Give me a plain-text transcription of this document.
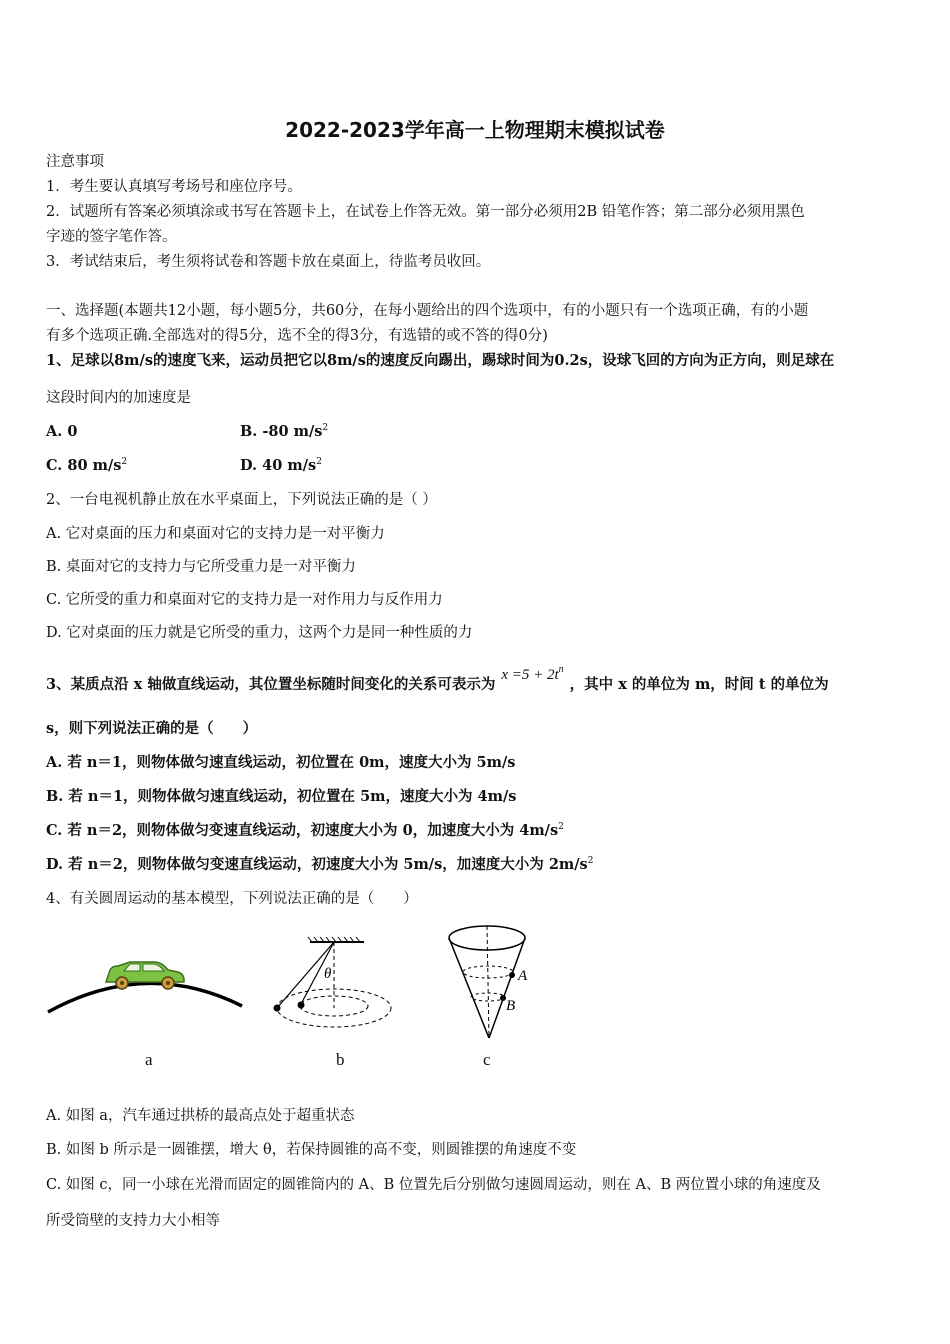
2022-2023学年高一上物理期末模拟试卷
注意事项
1．考生要认真填写考场号和座位序号。
2．试题所有答案必须填涂或书写在答题卡上，在试卷上作答无效。第一部分必须用2B 铅笔作答；第二部分必须用黑色
字迹的签字笔作答。
3．考试结束后，考生须将试卷和答题卡放在桌面上，待监考员收回。
一、选择题(本题共12小题，每小题5分，共60分，在每小题给出的四个选项中，有的小题只有一个选项正确，有的小题
有多个选项正确.全部选对的得5分，选不全的得3分，有选错的或不答的得0分)
1、足球以8m/s的速度飞来，运动员把它以8m/s的速度反向踢出，踢球时间为0.2s，设球飞回的方向为正方向，则足球在
这段时间内的加速度是
A. 0	B. -80 $m/s^2$
C. 80 $m/s^2$	D. 40 $m/s^2$
2、一台电视机静止放在水平桌面上，下列说法正确的是（ ）
A. 它对桌面的压力和桌面对它的支持力是一对平衡力
B. 桌面对它的支持力与它所受重力是一对平衡力
C. 它所受的重力和桌面对它的支持力是一对作用力与反作用力
D. 它对桌面的压力就是它所受的重力，这两个力是同一种性质的力
3、某质点沿 x 轴做直线运动，其位置坐标随时间变化的关系可表示为$x =5 + 2t^n$，其中 x 的单位为 m，时间 t 的单位为
s，则下列说法正确的是（　　）
A. 若 n＝1，则物体做匀速直线运动，初位置在 0m，速度大小为 5m/s
B. 若 n＝1，则物体做匀速直线运动，初位置在 5m，速度大小为 4m/s
C. 若 n＝2，则物体做匀变速直线运动，初速度大小为 0，加速度大小为 $4m/s^2$
D. 若 n＝2，则物体做匀变速直线运动，初速度大小为 5m/s，加速度大小为 $2m/s^2$
4、有关圆周运动的基本模型，下列说法正确的是（　　）
a
θ
b
A
B
c
A. 如图 a，汽车通过拱桥的最高点处于超重状态
B. 如图 b 所示是一圆锥摆，增大 θ，若保持圆锥的高不变，则圆锥摆的角速度不变
C. 如图 c，同一小球在光滑而固定的圆锥筒内的 A、B 位置先后分别做匀速圆周运动，则在 A、B 两位置小球的角速度及
所受筒壁的支持力大小相等
